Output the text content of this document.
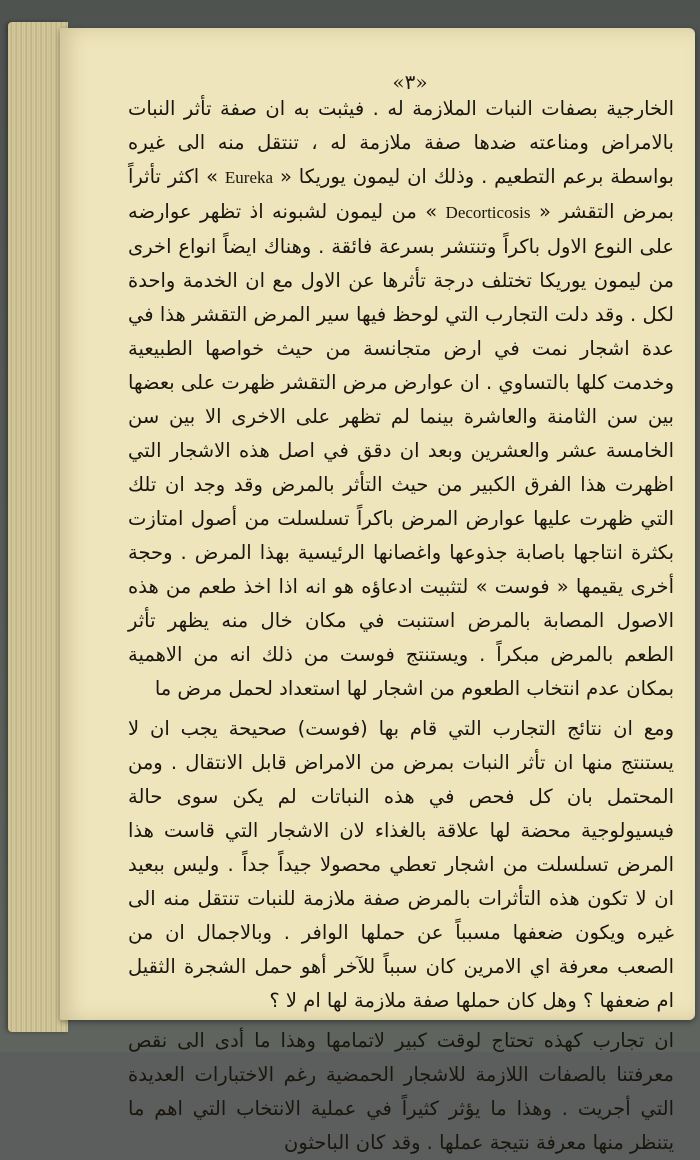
«٣»

الخارجية بصفات النبات الملازمة له . فيثبت به ان صفة تأثر النبات بالامراض ومناعته ضدها صفة ملازمة له ، تنتقل منه الى غيره بواسطة برعم التطعيم . وذلك ان ليمون يوريكا « Eureka » اكثر تأثراً بمرض التقشر « Decorticosis » من ليمون لشبونه اذ تظهر عوارضه على النوع الاول باكراً وتنتشر بسرعة فائقة . وهناك ايضاً انواع اخرى من ليمون يوريكا تختلف درجة تأثرها عن الاول مع ان الخدمة واحدة لكل . وقد دلت التجارب التي لوحظ فيها سير المرض التقشر هذا في عدة اشجار نمت في ارض متجانسة من حيث خواصها الطبيعية وخدمت كلها بالتساوي . ان عوارض مرض التقشر ظهرت على بعضها بين سن الثامنة والعاشرة بينما لم تظهر على الاخرى الا بين سن الخامسة عشر والعشرين وبعد ان دقق في اصل هذه الاشجار التي اظهرت هذا الفرق الكبير من حيث التأثر بالمرض وقد وجد ان تلك التي ظهرت عليها عوارض المرض باكراً تسلسلت من أصول امتازت بكثرة انتاجها باصابة جذوعها واغصانها الرئيسية بهذا المرض . وحجة أخرى يقيمها « فوست » لتثبيت ادعاؤه هو انه اذا اخذ طعم من هذه الاصول المصابة بالمرض استنبت في مكان خال منه يظهر تأثر الطعم بالمرض مبكراً . ويستنتج فوست من ذلك انه من الاهمية بمكان عدم انتخاب الطعوم من اشجار لها استعداد لحمل مرض ما

ومع ان نتائج التجارب التي قام بها (فوست) صحيحة يجب ان لا يستنتج منها ان تأثر النبات بمرض من الامراض قابل الانتقال . ومن المحتمل بان كل فحص في هذه النباتات لم يكن سوى حالة فيسيولوجية محضة لها علاقة بالغذاء لان الاشجار التي قاست هذا المرض تسلسلت من اشجار تعطي محصولا جيداً جداً . وليس ببعيد ان لا تكون هذه التأثرات بالمرض صفة ملازمة للنبات تنتقل منه الى غيره ويكون ضعفها مسبباً عن حملها الوافر . وبالاجمال ان من الصعب معرفة اي الامرين كان سبباً للآخر أهو حمل الشجرة الثقيل ام ضعفها ؟ وهل كان حملها صفة ملازمة لها ام لا ؟

ان تجارب كهذه تحتاج لوقت كبير لاتمامها وهذا ما أدى الى نقص معرفتنا بالصفات اللازمة للاشجار الحمضية رغم الاختبارات العديدة التي أجريت . وهذا ما يؤثر كثيراً في عملية الانتخاب التي اهم ما يتنظر منها معرفة نتيجة عملها . وقد كان الباحثون
